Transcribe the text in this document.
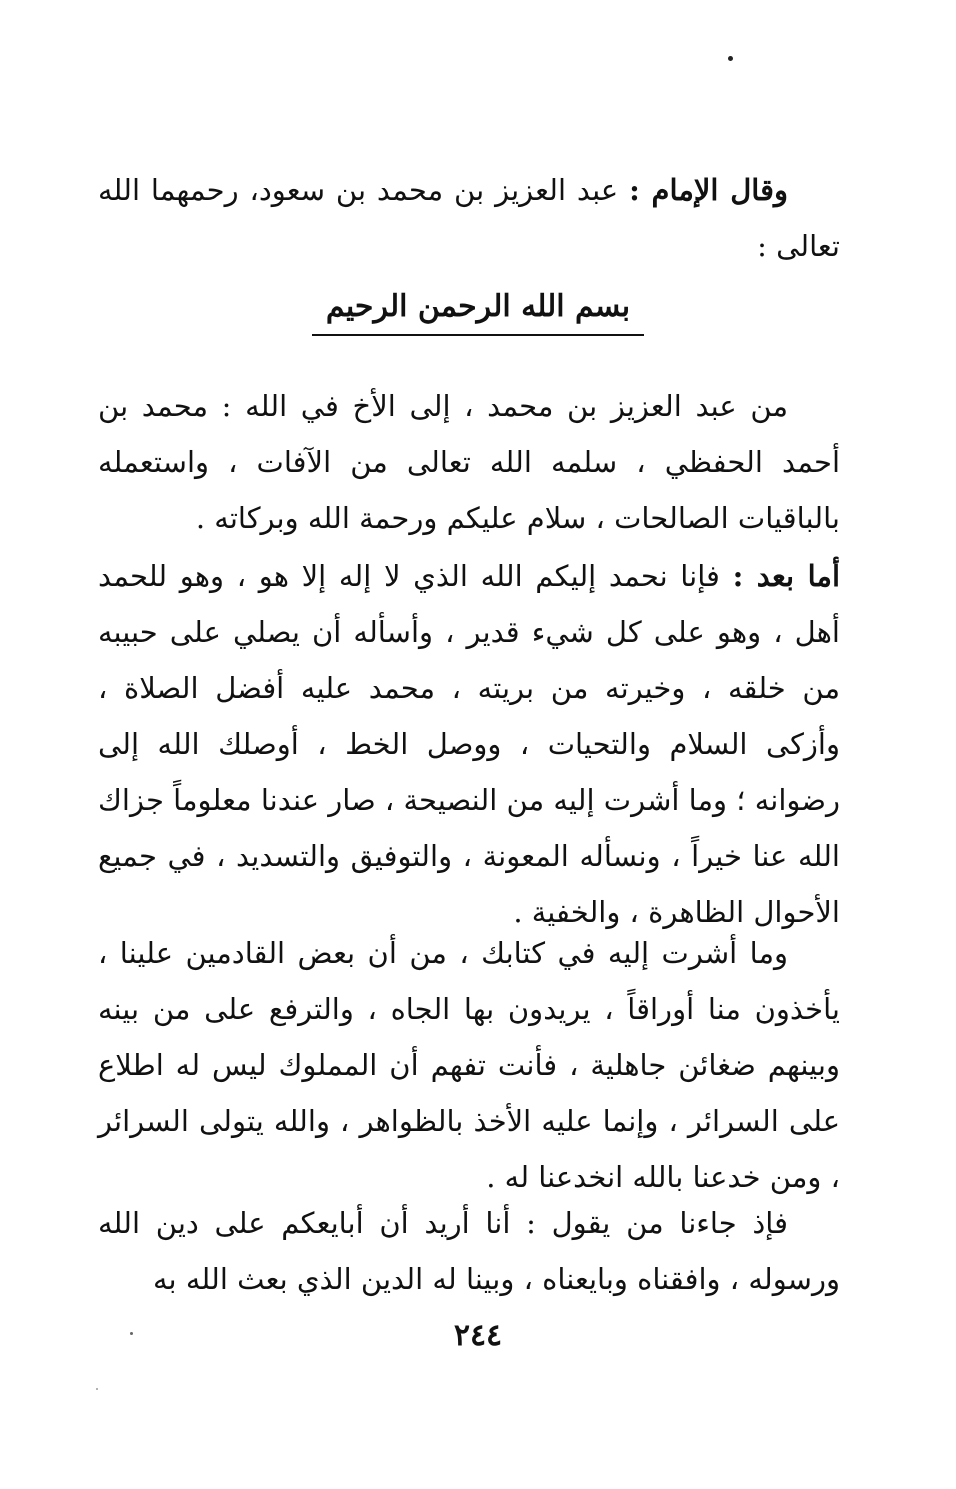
وقال الإمام : عبد العزيز بن محمد بن سعود، رحمهما الله تعالى :

بسم الله الرحمن الرحيم

من عبد العزيز بن محمد ، إلى الأخ في الله : محمد بن أحمد الحفظي ، سلمه الله تعالى من الآفات ، واستعمله بالباقيات الصالحات ، سلام عليكم ورحمة الله وبركاته .

أما بعد : فإنا نحمد إليكم الله الذي لا إله إلا هو ، وهو للحمد أهل ، وهو على كل شيء قدير ، وأسأله أن يصلي على حبيبه من خلقه ، وخيرته من بريته ، محمد عليه أفضل الصلاة ، وأزكى السلام والتحيات ، ووصل الخط ، أوصلك الله إلى رضوانه ؛ وما أشرت إليه من النصيحة ، صار عندنا معلوماً جزاك الله عنا خيراً ، ونسأله المعونة ، والتوفيق والتسديد ، في جميع الأحوال الظاهرة ، والخفية .

وما أشرت إليه في كتابك ، من أن بعض القادمين علينا ، يأخذون منا أوراقاً ، يريدون بها الجاه ، والترفع على من بينه وبينهم ضغائن جاهلية ، فأنت تفهم أن المملوك ليس له اطلاع على السرائر ، وإنما عليه الأخذ بالظواهر ، والله يتولى السرائر ، ومن خدعنا بالله انخدعنا له .

فإذ جاءنا من يقول : أنا أريد أن أبايعكم على دين الله ورسوله ، وافقناه وبايعناه ، وبينا له الدين الذي بعث الله به

٢٤٤
